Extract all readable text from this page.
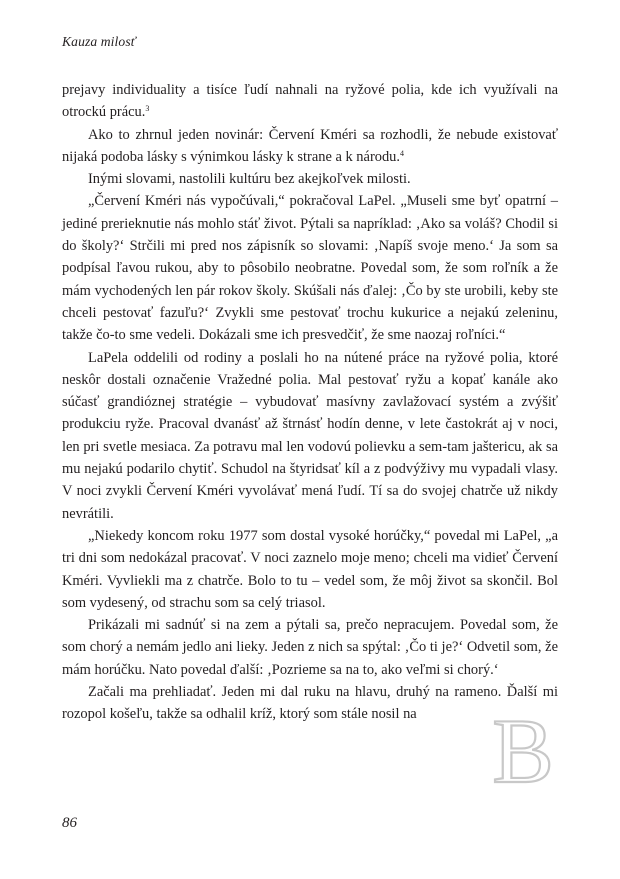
Kauza milosť

prejavy individuality a tisíce ľudí nahnali na ryžové polia, kde ich využívali na otrockú prácu.$^3$

Ako to zhrnul jeden novinár: Červení Kméri sa rozhodli, že nebude existovať nijaká podoba lásky s výnimkou lásky k strane a k národu.$^4$

Inými slovami, nastolili kultúru bez akejkoľvek milosti.

„Červení Kméri nás vypočúvali,“ pokračoval LaPel. „Museli sme byť opatrní – jediné prerieknutie nás mohlo stáť život. Pýtali sa napríklad: ‚Ako sa voláš? Chodil si do školy?‘ Strčili mi pred nos zápisník so slovami: ‚Napíš svoje meno.‘ Ja som sa podpísal ľavou rukou, aby to pôsobilo neobratne. Povedal som, že som roľník a že mám vychodených len pár rokov školy. Skúšali nás ďalej: ‚Čo by ste urobili, keby ste chceli pestovať fazuľu?‘ Zvykli sme pestovať trochu kukurice a nejakú zeleninu, takže čo-to sme vedeli. Dokázali sme ich presvedčiť, že sme naozaj roľníci.“

LaPela oddelili od rodiny a poslali ho na nútené práce na ryžové polia, ktoré neskôr dostali označenie Vražedné polia. Mal pestovať ryžu a kopať kanále ako súčasť grandióznej stratégie – vybudovať masívny zavlažovací systém a zvýšiť produkciu ryže. Pracoval dvanásť až štrnásť hodín denne, v lete častokrát aj v noci, len pri svetle mesiaca. Za potravu mal len vodovú polievku a sem-tam jaštericu, ak sa mu nejakú podarilo chytiť. Schudol na štyridsať kíl a z podvýživy mu vypadali vlasy. V noci zvykli Červení Kméri vyvolávať mená ľudí. Tí sa do svojej chatrče už nikdy nevrátili.

„Niekedy koncom roku 1977 som dostal vysoké horúčky,“ povedal mi LaPel, „a tri dni som nedokázal pracovať. V noci zaznelo moje meno; chceli ma vidieť Červení Kméri. Vyvliekli ma z chatrče. Bolo to tu – vedel som, že môj život sa skončil. Bol som vydesený, od strachu som sa celý triasol.

Prikázali mi sadnúť si na zem a pýtali sa, prečo nepracujem. Povedal som, že som chorý a nemám jedlo ani lieky. Jeden z nich sa spýtal: ‚Čo ti je?‘ Odvetil som, že mám horúčku. Nato povedal ďalší: ‚Pozrieme sa na to, ako veľmi si chorý.‘

Začali ma prehliadať. Jeden mi dal ruku na hlavu, druhý na rameno. Ďalší mi rozopol košeľu, takže sa odhalil kríž, ktorý som stále nosil na B
86
